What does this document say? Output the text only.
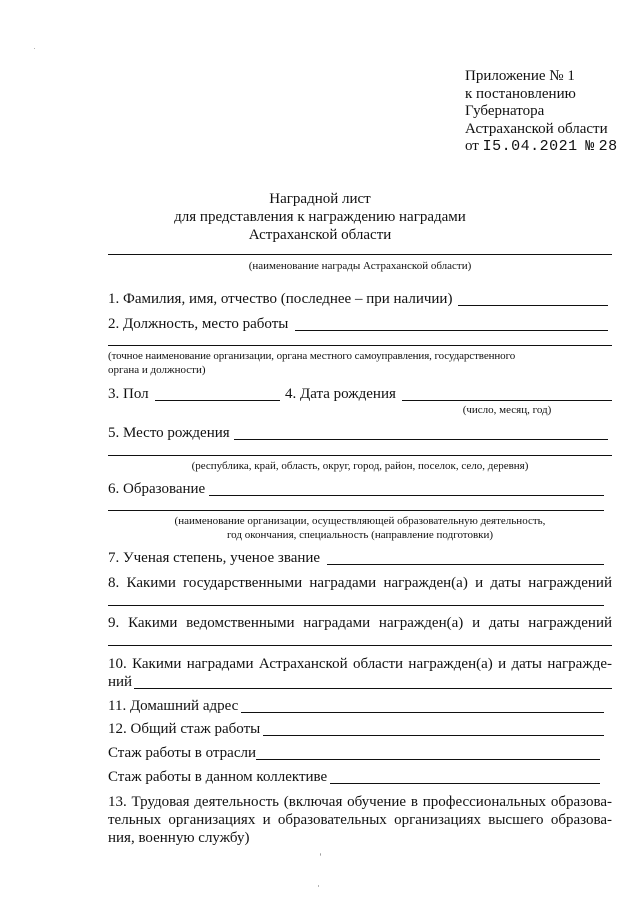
Приложение № 1
к постановлению
Губернатора
Астраханской области
от I5.04.2021 № 28
Наградной лист
для представления к награждению наградами
Астраханской области
(наименование награды Астраханской области)
1. Фамилия, имя, отчество (последнее – при наличии)
2. Должность, место работы
(точное наименование организации, органа местного самоуправления, государственного
органа и должности)
3. Пол	4. Дата рождения
(число, месяц, год)
5. Место рождения
(республика, край, область, округ, город, район, поселок, село, деревня)
6. Образование
(наименование организации, осуществляющей образовательную деятельность,
год окончания, специальность (направление подготовки)
7. Ученая степень, ученое звание
8. Какими государственными наградами награжден(а) и даты награждений
9. Какими ведомственными наградами награжден(а) и даты награждений
10. Какими наградами Астраханской области награжден(а) и даты награжде-
ний
11. Домашний адрес
12. Общий стаж работы
Стаж работы в отрасли
Стаж работы в данном коллективе
13. Трудовая деятельность (включая обучение в профессиональных образова-
тельных организациях и образовательных организациях высшего образова-
ния, военную службу)
